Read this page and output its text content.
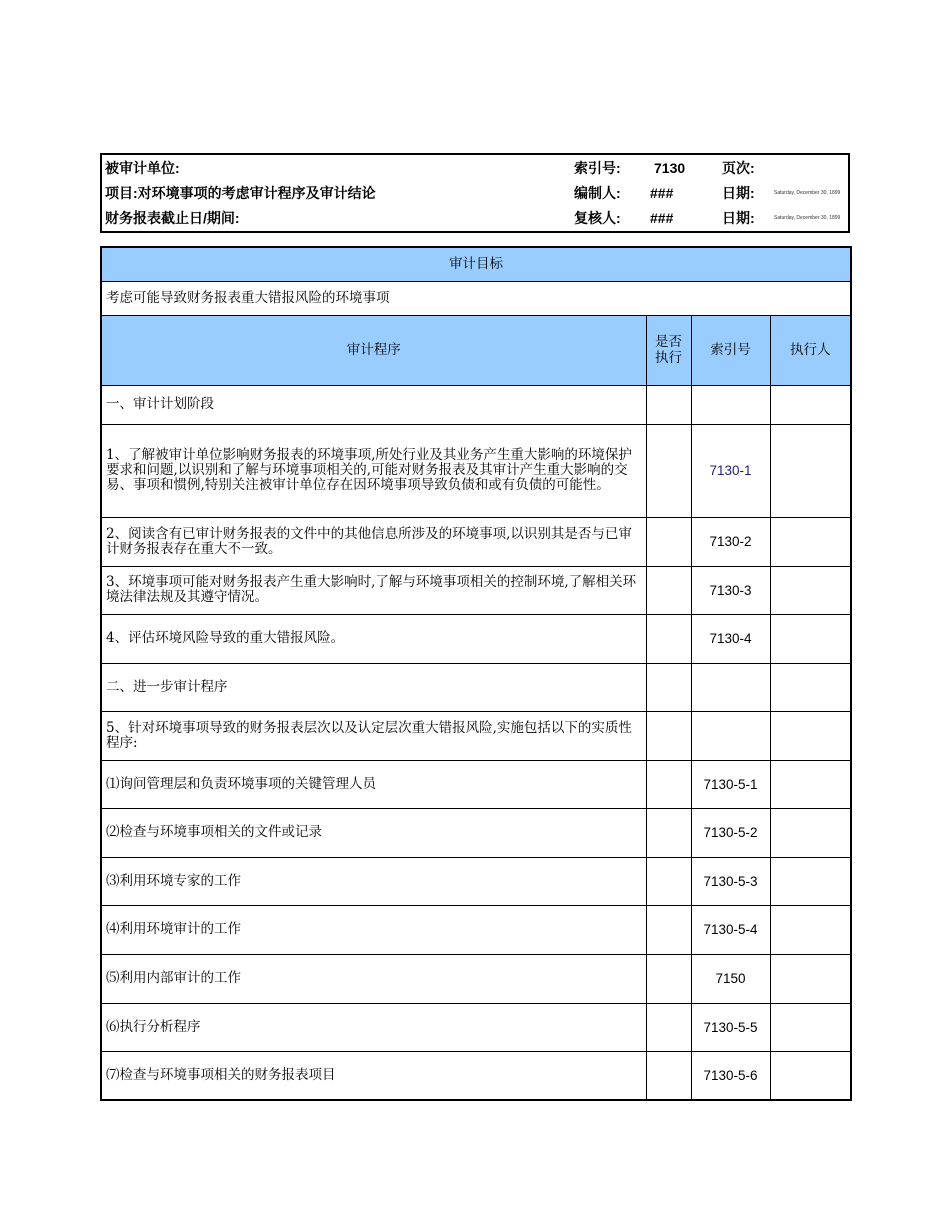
被审计单位:	索引号: 7130	页次:
项目:对环境事项的考虑审计程序及审计结论	编制人: ###	日期:	Saturday, December 30, 1899
财务报表截止日/期间:	复核人: ###	日期:	Saturday, December 30, 1899
审计目标			
考虑可能导致财务报表重大错报风险的环境事项			
审计程序	是否执行	索引号	执行人
一、审计计划阶段			
1、了解被审计单位影响财务报表的环境事项,所处行业及其业务产生重大影响的环境保护要求和问题,以识别和了解与环境事项相关的,可能对财务报表及其审计产生重大影响的交易、事项和惯例,特别关注被审计单位存在因环境事项导致负债和或有负债的可能性。		7130-1	
2、阅读含有已审计财务报表的文件中的其他信息所涉及的环境事项,以识别其是否与已审计财务报表存在重大不一致。		7130-2	
3、环境事项可能对财务报表产生重大影响时,了解与环境事项相关的控制环境,了解相关环境法律法规及其遵守情况。		7130-3	
4、评估环境风险导致的重大错报风险。		7130-4	
二、进一步审计程序			
5、针对环境事项导致的财务报表层次以及认定层次重大错报风险,实施包括以下的实质性程序:			
⑴询问管理层和负责环境事项的关键管理人员		7130-5-1	
⑵检查与环境事项相关的文件或记录		7130-5-2	
⑶利用环境专家的工作		7130-5-3	
⑷利用环境审计的工作		7130-5-4	
⑸利用内部审计的工作		7150	
⑹执行分析程序		7130-5-5	
⑺检查与环境事项相关的财务报表项目		7130-5-6	
